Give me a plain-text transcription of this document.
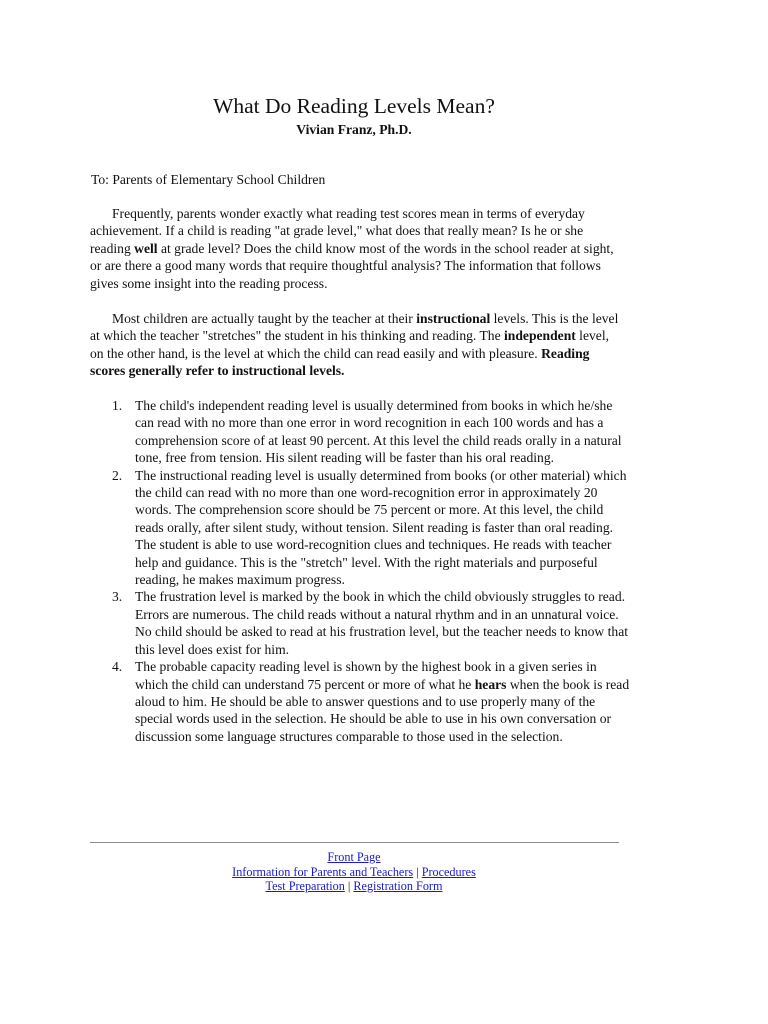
What Do Reading Levels Mean?
Vivian Franz, Ph.D.

To: Parents of Elementary School Children

Frequently, parents wonder exactly what reading test scores mean in terms of everyday achievement. If a child is reading "at grade level," what does that really mean? Is he or she reading well at grade level? Does the child know most of the words in the school reader at sight, or are there a good many words that require thoughtful analysis? The information that follows gives some insight into the reading process.

Most children are actually taught by the teacher at their instructional levels. This is the level at which the teacher "stretches" the student in his thinking and reading. The independent level, on the other hand, is the level at which the child can read easily and with pleasure. Reading scores generally refer to instructional levels.

1. The child's independent reading level is usually determined from books in which he/she can read with no more than one error in word recognition in each 100 words and has a comprehension score of at least 90 percent. At this level the child reads orally in a natural tone, free from tension. His silent reading will be faster than his oral reading.
2. The instructional reading level is usually determined from books (or other material) which the child can read with no more than one word-recognition error in approximately 20 words. The comprehension score should be 75 percent or more. At this level, the child reads orally, after silent study, without tension. Silent reading is faster than oral reading. The student is able to use word-recognition clues and techniques. He reads with teacher help and guidance. This is the "stretch" level. With the right materials and purposeful reading, he makes maximum progress.
3. The frustration level is marked by the book in which the child obviously struggles to read. Errors are numerous. The child reads without a natural rhythm and in an unnatural voice. No child should be asked to read at his frustration level, but the teacher needs to know that this level does exist for him.
4. The probable capacity reading level is shown by the highest book in a given series in which the child can understand 75 percent or more of what he hears when the book is read aloud to him. He should be able to answer questions and to use properly many of the special words used in the selection. He should be able to use in his own conversation or discussion some language structures comparable to those used in the selection.
Front Page
Information for Parents and Teachers | Procedures
Test Preparation | Registration Form
